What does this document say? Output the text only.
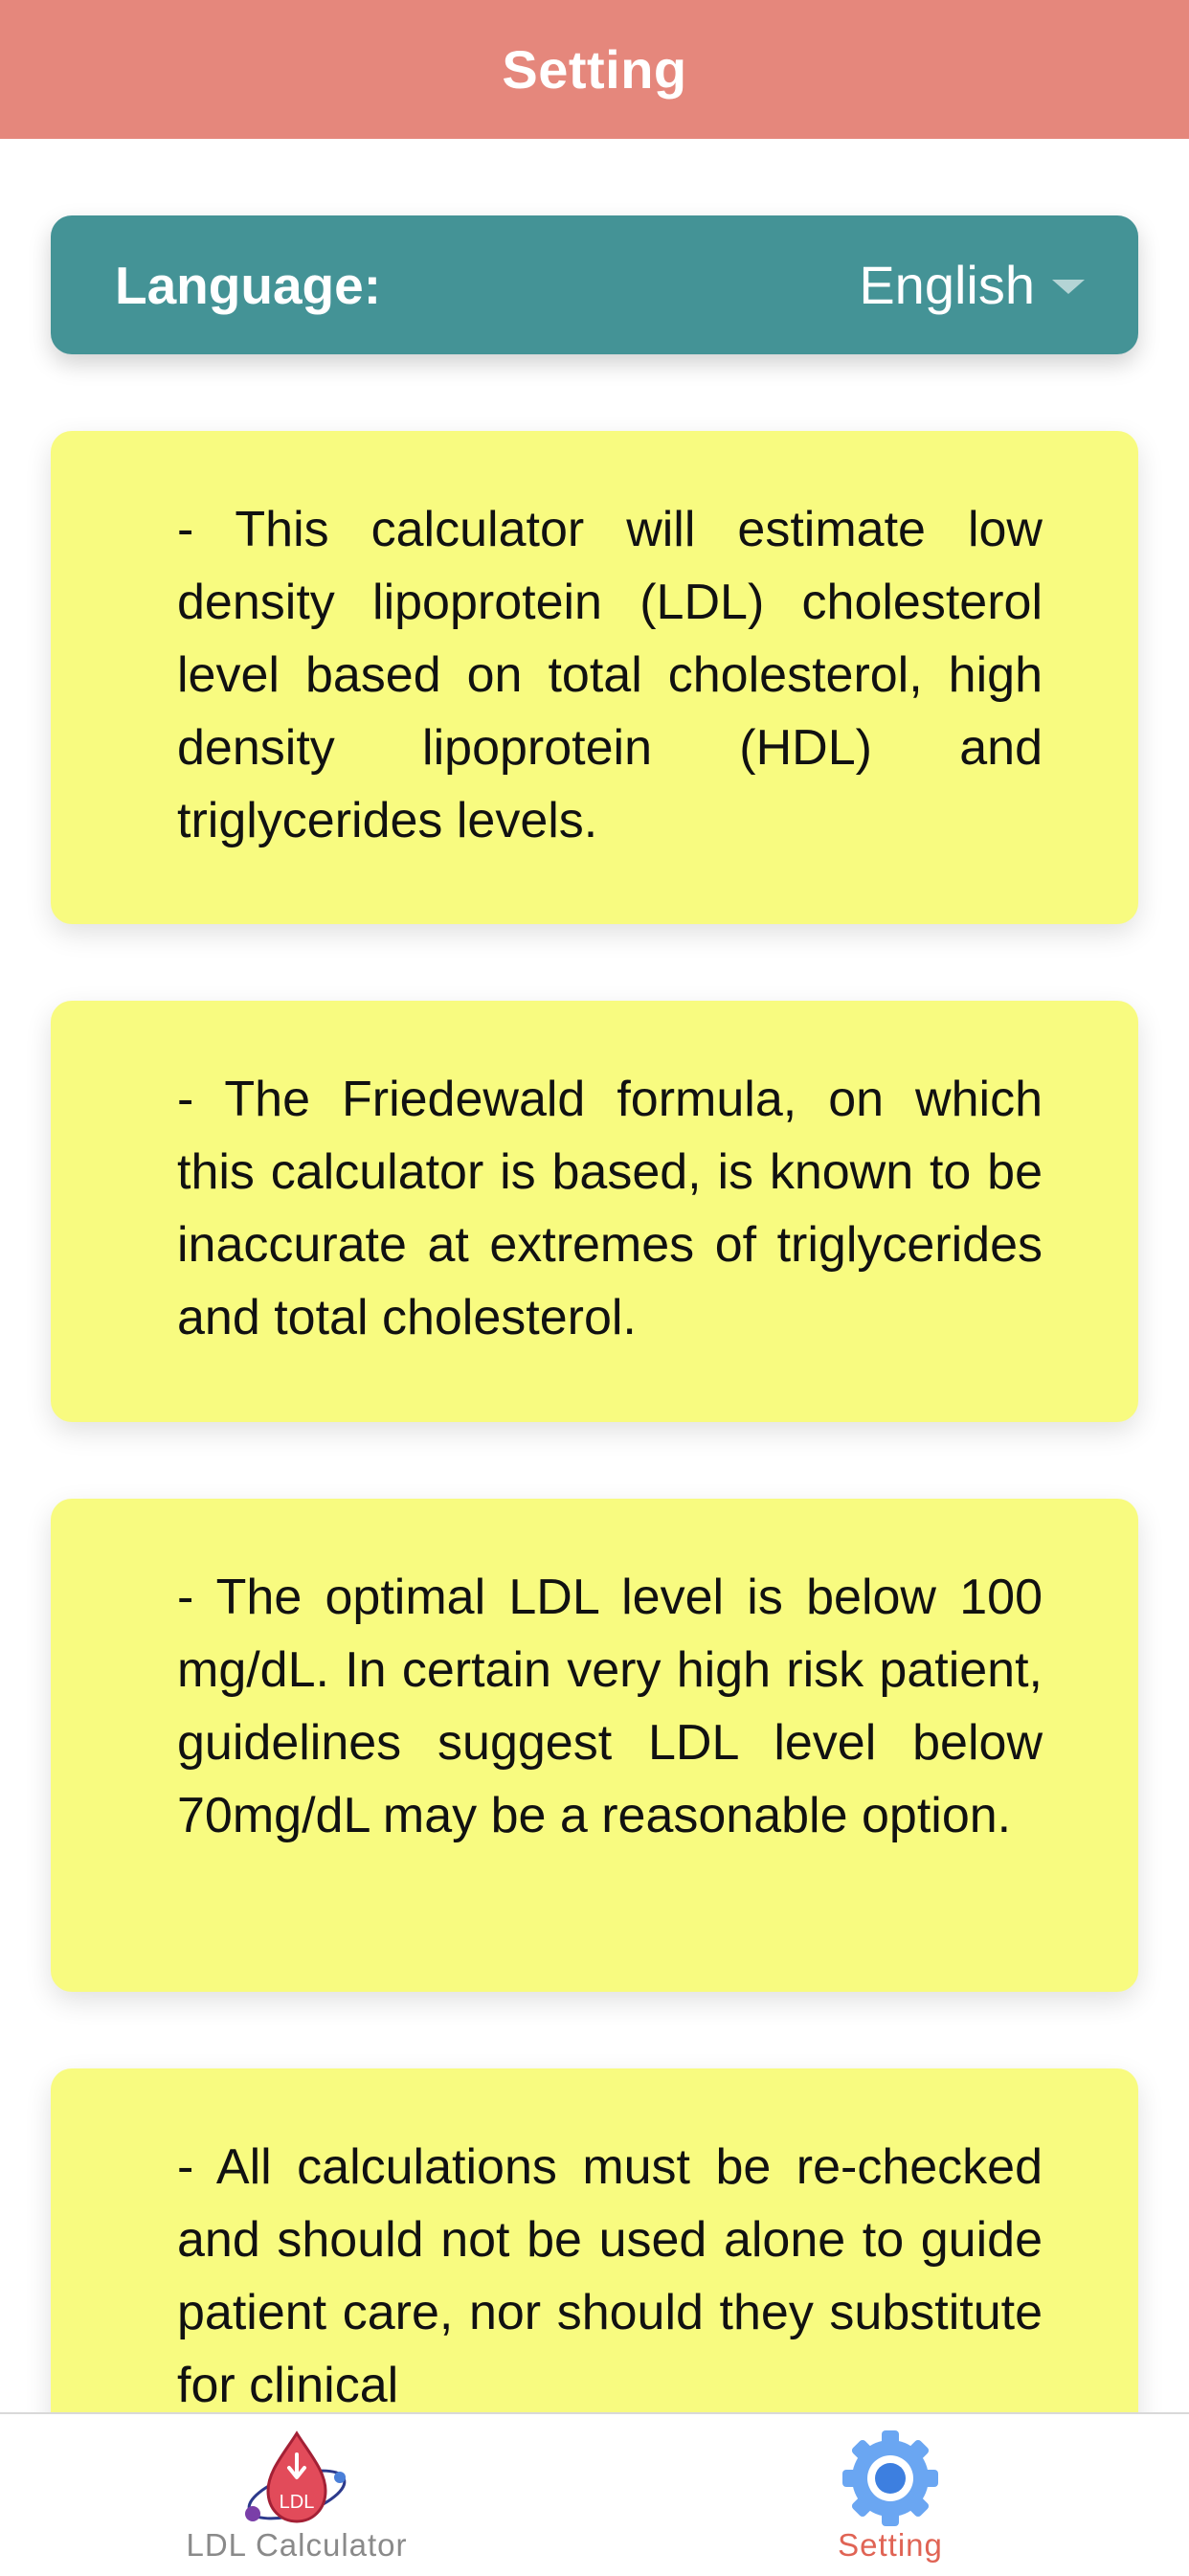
Setting
Language:	English

- This calculator will estimate low density lipoprotein (LDL) cholesterol level based on total cholesterol, high density lipoprotein (HDL) and triglycerides levels.

- The Friedewald formula, on which this calculator is based, is known to be inaccurate at extremes of triglycerides and total cholesterol.

- The optimal LDL level is below 100 mg/dL. In certain very high risk patient, guidelines suggest LDL level below 70mg/dL may be a reasonable option.

- All calculations must be re-checked and should not be used alone to guide patient care, nor should they substitute for clinical

LDL
LDL Calculator	Setting
